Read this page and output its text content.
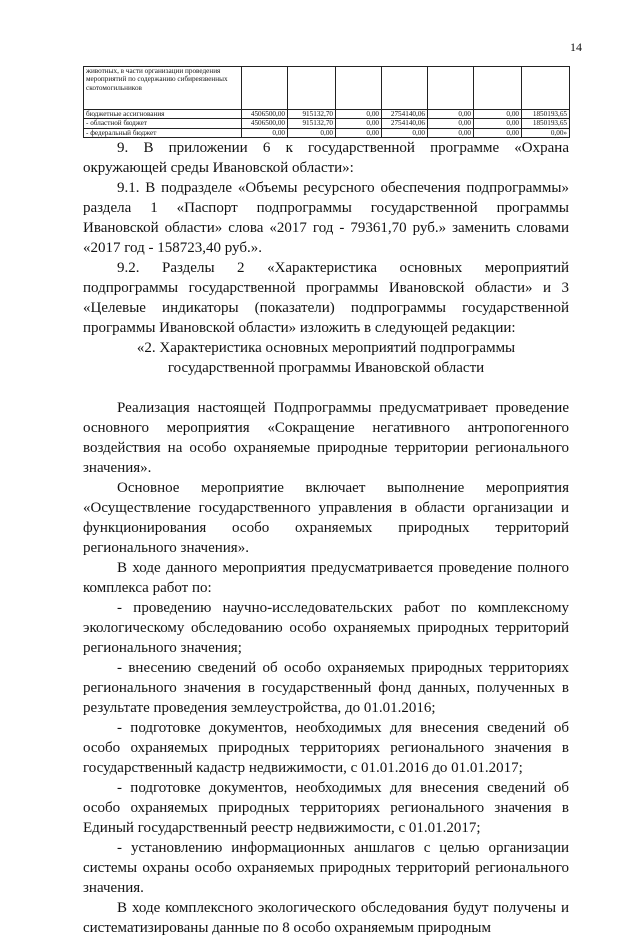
14
животных, в части организации проведения мероприятий по содержанию сибиреязвенных скотомогильников							
бюджетные ассигнования	4506500,00	915132,70	0,00	2754140,06	0,00	0,00	1850193,65
- областной бюджет	4506500,00	915132,70	0,00	2754140,06	0,00	0,00	1850193,65
- федеральный бюджет	0,00	0,00	0,00	0,00	0,00	0,00	0,00»

9. В приложении 6 к государственной программе «Охрана окружающей среды Ивановской области»:

9.1. В подразделе «Объемы ресурсного обеспечения подпрограммы» раздела 1 «Паспорт подпрограммы государственной программы Ивановской области» слова «2017 год - 79361,70 руб.» заменить словами «2017 год - 158723,40 руб.».

9.2. Разделы 2 «Характеристика основных мероприятий подпрограммы государственной программы Ивановской области» и 3 «Целевые индикаторы (показатели) подпрограммы государственной программы Ивановской области» изложить в следующей редакции:

«2. Характеристика основных мероприятий подпрограммы

государственной программы Ивановской области

Реализация настоящей Подпрограммы предусматривает проведение основного мероприятия «Сокращение негативного антропогенного воздействия на особо охраняемые природные территории регионального значения».

Основное мероприятие включает выполнение мероприятия «Осуществление государственного управления в области организации и функционирования особо охраняемых природных территорий регионального значения».

В ходе данного мероприятия предусматривается проведение полного комплекса работ по:

- проведению научно-исследовательских работ по комплексному экологическому обследованию особо охраняемых природных территорий регионального значения;

- внесению сведений об особо охраняемых природных территориях регионального значения в государственный фонд данных, полученных в результате проведения землеустройства, до 01.01.2016;

- подготовке документов, необходимых для внесения сведений об особо охраняемых природных территориях регионального значения в государственный кадастр недвижимости, с 01.01.2016 до 01.01.2017;

- подготовке документов, необходимых для внесения сведений об особо охраняемых природных территориях регионального значения в Единый государственный реестр недвижимости, с 01.01.2017;

- установлению информационных аншлагов с целью организации системы охраны особо охраняемых природных территорий регионального значения.

В ходе комплексного экологического обследования будут получены и систематизированы данные по 8 особо охраняемым природным
